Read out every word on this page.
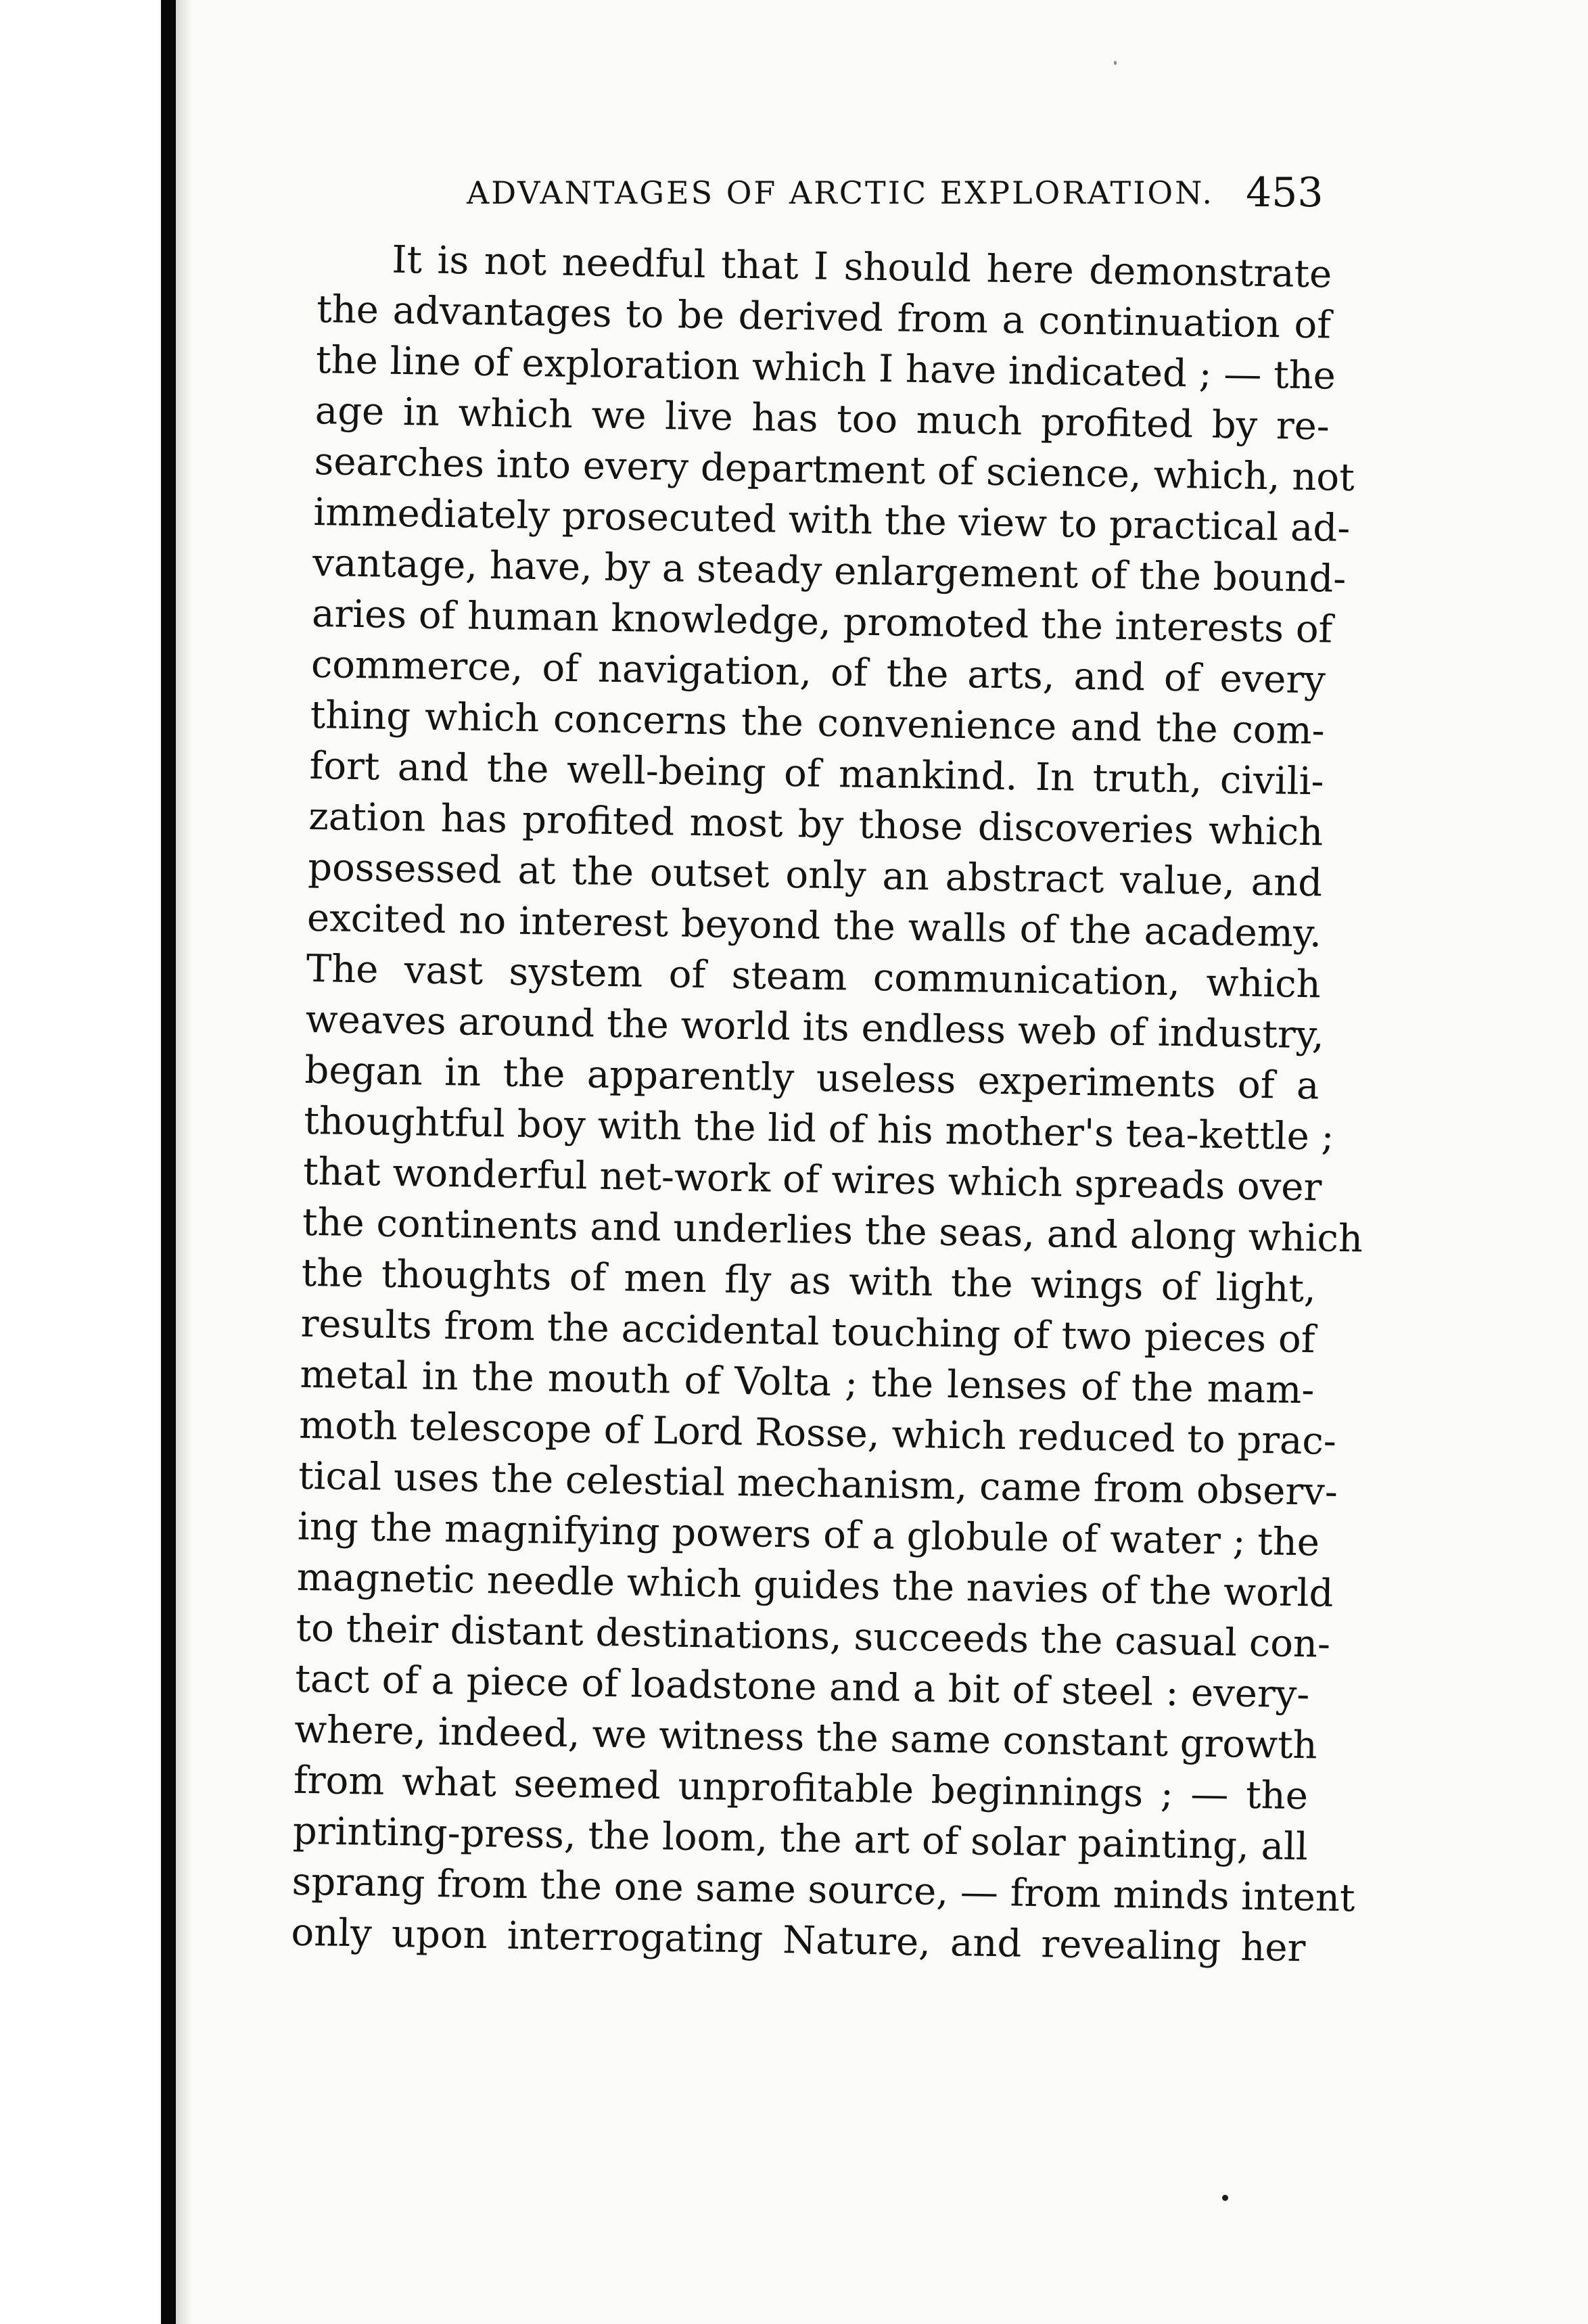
ADVANTAGES OF ARCTIC EXPLORATION. 453
It is not needful that I should here demonstrate
the advantages to be derived from a continuation of
the line of exploration which I have indicated ; — the
age in which we live has too much profited by re-
searches into every department of science, which, not
immediately prosecuted with the view to practical ad-
vantage, have, by a steady enlargement of the bound-
aries of human knowledge, promoted the interests of
commerce, of navigation, of the arts, and of every
thing which concerns the convenience and the com-
fort and the well-being of mankind. In truth, civili-
zation has profited most by those discoveries which
possessed at the outset only an abstract value, and
excited no interest beyond the walls of the academy.
The vast system of steam communication, which
weaves around the world its endless web of industry,
began in the apparently useless experiments of a
thoughtful boy with the lid of his mother's tea-kettle ;
that wonderful net-work of wires which spreads over
the continents and underlies the seas, and along which
the thoughts of men fly as with the wings of light,
results from the accidental touching of two pieces of
metal in the mouth of Volta ; the lenses of the mam-
moth telescope of Lord Rosse, which reduced to prac-
tical uses the celestial mechanism, came from observ-
ing the magnifying powers of a globule of water ; the
magnetic needle which guides the navies of the world
to their distant destinations, succeeds the casual con-
tact of a piece of loadstone and a bit of steel : every-
where, indeed, we witness the same constant growth
from what seemed unprofitable beginnings ; — the
printing-press, the loom, the art of solar painting, all
sprang from the one same source, — from minds intent
only upon interrogating Nature, and revealing her
